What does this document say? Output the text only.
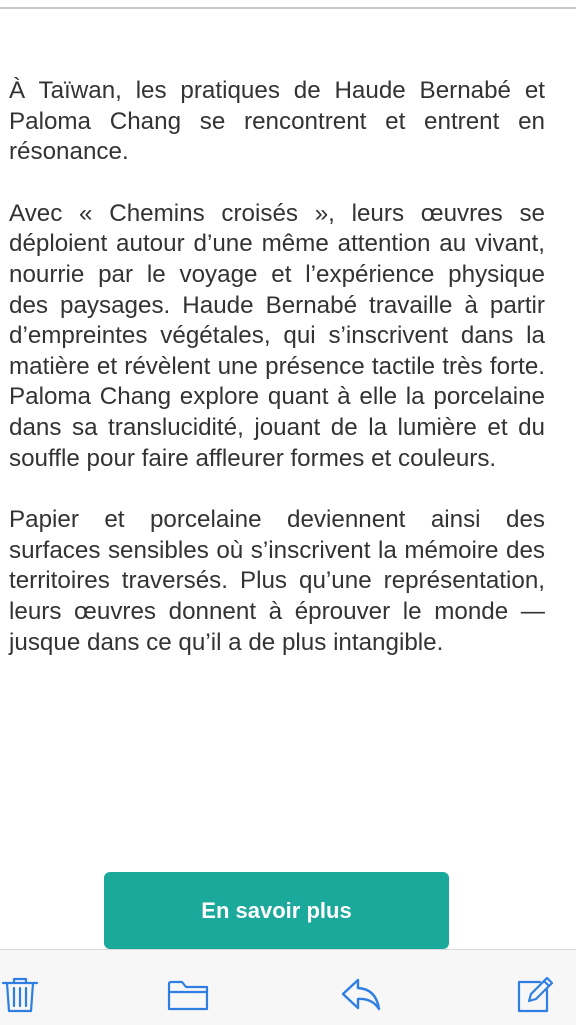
À Taïwan, les pratiques de Haude Bernabé et Paloma Chang se rencontrent et entrent en résonance.

Avec « Chemins croisés », leurs œuvres se déploient autour d’une même attention au vivant, nourrie par le voyage et l’expérience physique des paysages. Haude Bernabé travaille à partir d’empreintes végétales, qui s’inscrivent dans la matière et révèlent une présence tactile très forte. Paloma Chang explore quant à elle la porcelaine dans sa translucidité, jouant de la lumière et du souffle pour faire affleurer formes et couleurs.

Papier et porcelaine deviennent ainsi des surfaces sensibles où s’inscrivent la mémoire des territoires traversés. Plus qu’une représentation, leurs œuvres donnent à éprouver le monde — jusque dans ce qu’il a de plus intangible.

En savoir plus
